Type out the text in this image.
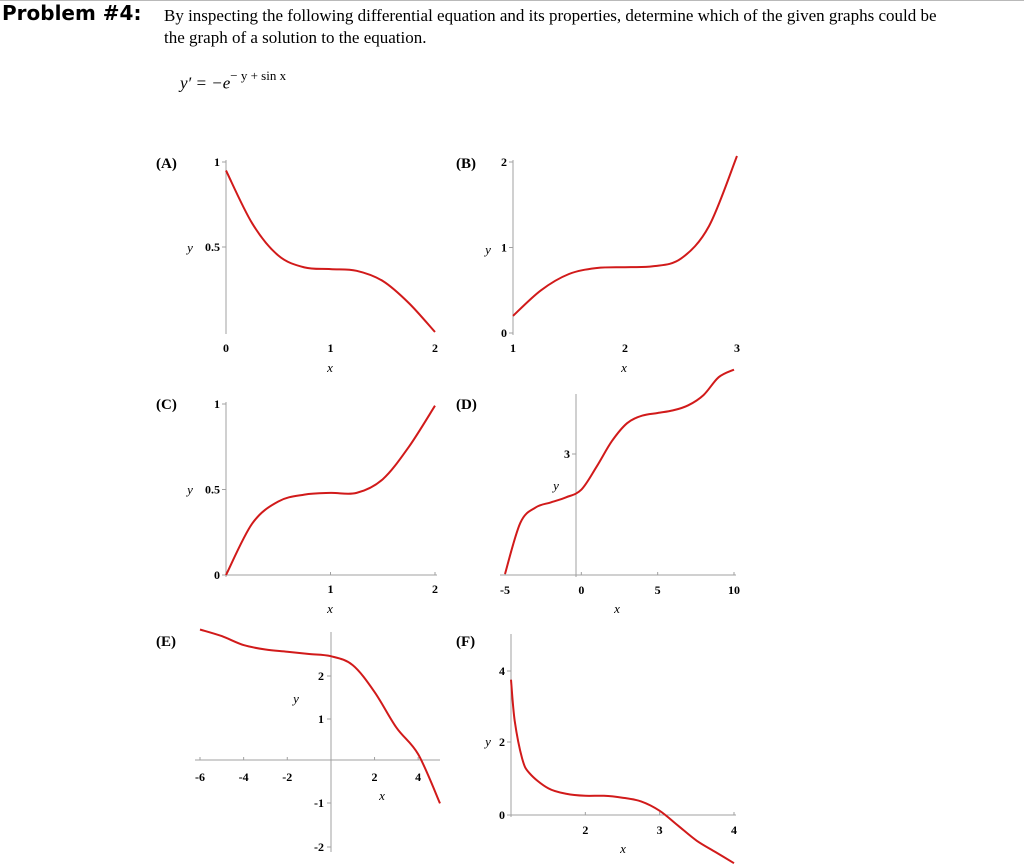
Problem #4: By inspecting the following differential equation and its properties, determine which of the given graphs could be
the graph of a solution to the equation.
$y' = -e^{- y + sin x}$
(A)
0	1	2
1
0.5
x
y
(B)
1	2	3
2
1
0
x
y
(C)
1	2
1
0.5
0
x
y
(D)
-5	0	5	10
3
x
y
(E)
-6	-4	-2	2	4
2
1
-1
-2
x
y
(F)
2	3	4
4
2
0
x
y
